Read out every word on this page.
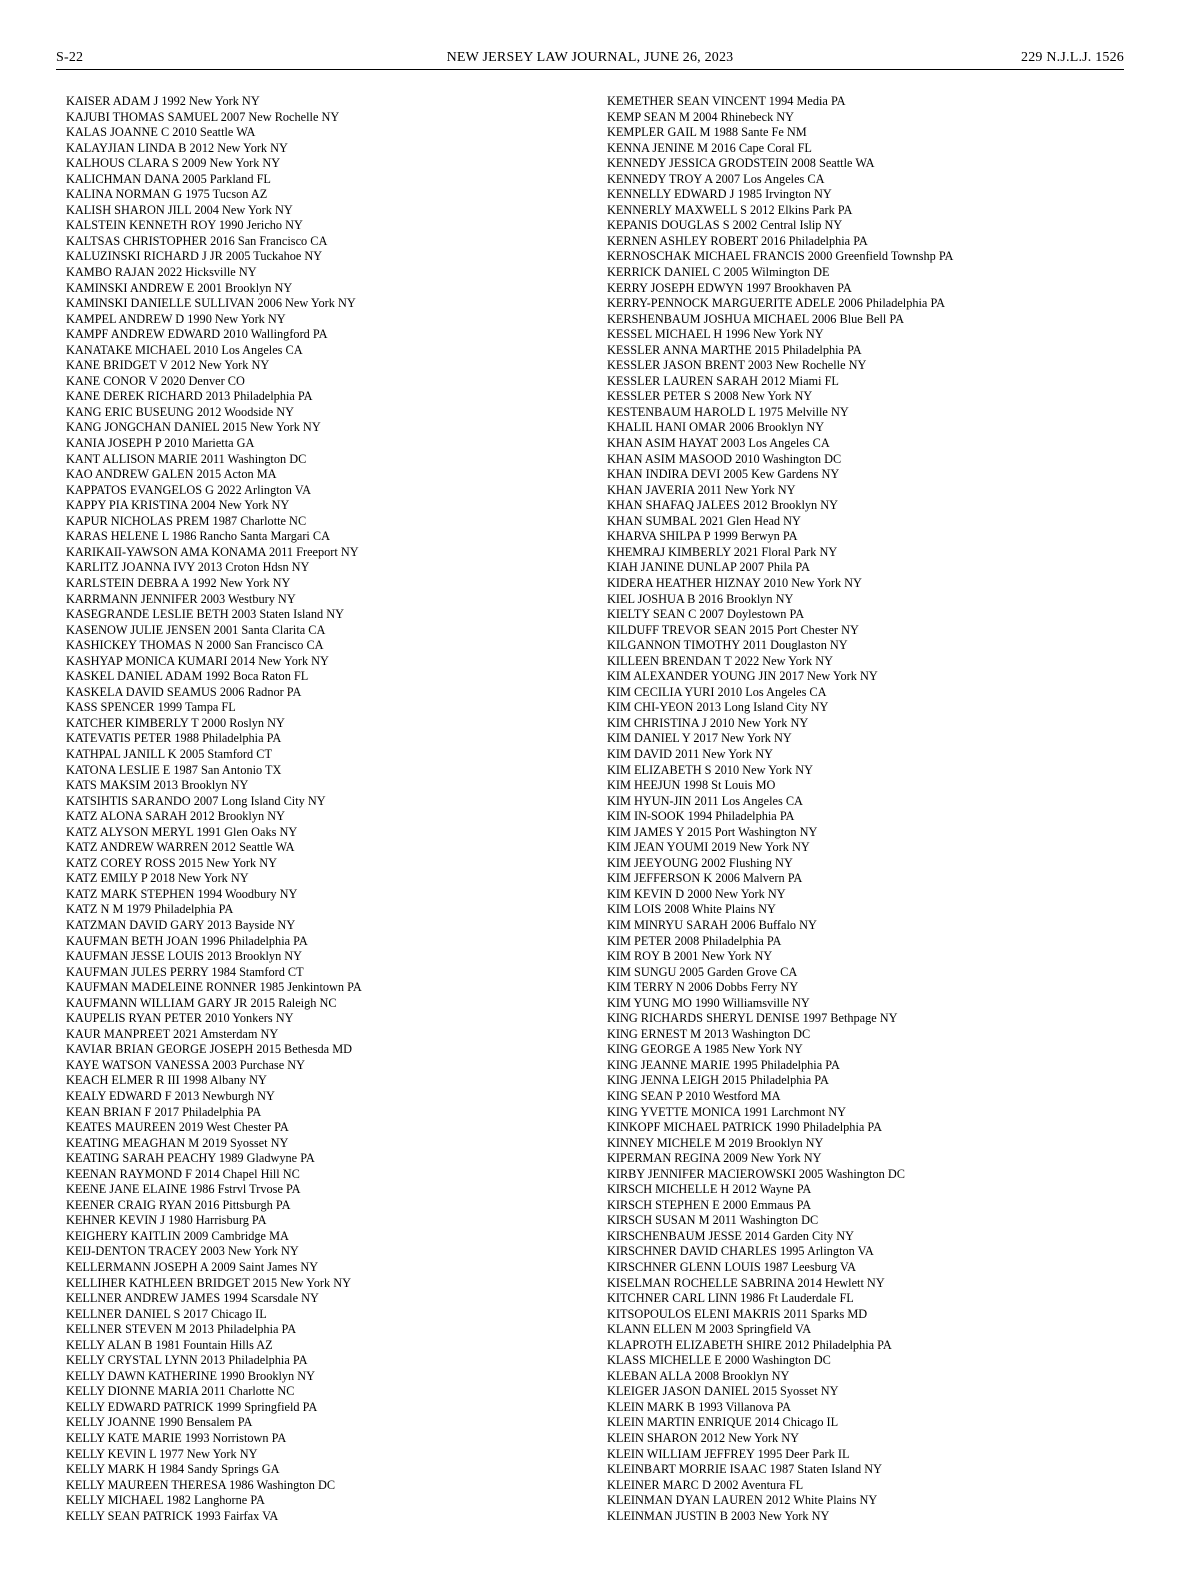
S-22	NEW JERSEY LAW JOURNAL, JUNE 26, 2023	229 N.J.L.J. 1526
KAISER ADAM J 1992 New York NY
KAJUBI THOMAS SAMUEL 2007 New Rochelle NY
KALAS JOANNE C 2010 Seattle WA
KALAYJIAN LINDA B 2012 New York NY
KALHOUS CLARA S 2009 New York NY
KALICHMAN DANA 2005 Parkland FL
KALINA NORMAN G 1975 Tucson AZ
KALISH SHARON JILL 2004 New York NY
KALSTEIN KENNETH ROY 1990 Jericho NY
KALTSAS CHRISTOPHER 2016 San Francisco CA
KALUZINSKI RICHARD J JR 2005 Tuckahoe NY
KAMBO RAJAN 2022 Hicksville NY
KAMINSKI ANDREW E 2001 Brooklyn NY
KAMINSKI DANIELLE SULLIVAN 2006 New York NY
KAMPEL ANDREW D 1990 New York NY
KAMPF ANDREW EDWARD 2010 Wallingford PA
KANATAKE MICHAEL 2010 Los Angeles CA
KANE BRIDGET V 2012 New York NY
KANE CONOR V 2020 Denver CO
KANE DEREK RICHARD 2013 Philadelphia PA
KANG ERIC BUSEUNG 2012 Woodside NY
KANG JONGCHAN DANIEL 2015 New York NY
KANIA JOSEPH P 2010 Marietta GA
KANT ALLISON MARIE 2011 Washington DC
KAO ANDREW GALEN 2015 Acton MA
KAPPATOS EVANGELOS G 2022 Arlington VA
KAPPY PIA KRISTINA 2004 New York NY
KAPUR NICHOLAS PREM 1987 Charlotte NC
KARAS HELENE L 1986 Rancho Santa Margari CA
KARIKAII-YAWSON AMA KONAMA 2011 Freeport NY
KARLITZ JOANNA IVY 2013 Croton Hdsn NY
KARLSTEIN DEBRA A 1992 New York NY
KARRMANN JENNIFER 2003 Westbury NY
KASEGRANDE LESLIE BETH 2003 Staten Island NY
KASENOW JULIE JENSEN 2001 Santa Clarita CA
KASHICKEY THOMAS N 2000 San Francisco CA
KASHYAP MONICA KUMARI 2014 New York NY
KASKEL DANIEL ADAM 1992 Boca Raton FL
KASKELA DAVID SEAMUS 2006 Radnor PA
KASS SPENCER 1999 Tampa FL
KATCHER KIMBERLY T 2000 Roslyn NY
KATEVATIS PETER 1988 Philadelphia PA
KATHPAL JANILL K 2005 Stamford CT
KATONA LESLIE E 1987 San Antonio TX
KATS MAKSIM 2013 Brooklyn NY
KATSIHTIS SARANDO 2007 Long Island City NY
KATZ ALONA SARAH 2012 Brooklyn NY
KATZ ALYSON MERYL 1991 Glen Oaks NY
KATZ ANDREW WARREN 2012 Seattle WA
KATZ COREY ROSS 2015 New York NY
KATZ EMILY P 2018 New York NY
KATZ MARK STEPHEN 1994 Woodbury NY
KATZ N M 1979 Philadelphia PA
KATZMAN DAVID GARY 2013 Bayside NY
KAUFMAN BETH JOAN 1996 Philadelphia PA
KAUFMAN JESSE LOUIS 2013 Brooklyn NY
KAUFMAN JULES PERRY 1984 Stamford CT
KAUFMAN MADELEINE RONNER 1985 Jenkintown PA
KAUFMANN WILLIAM GARY JR 2015 Raleigh NC
KAUPELIS RYAN PETER 2010 Yonkers NY
KAUR MANPREET 2021 Amsterdam NY
KAVIAR BRIAN GEORGE JOSEPH 2015 Bethesda MD
KAYE WATSON VANESSA 2003 Purchase NY
KEACH ELMER R III 1998 Albany NY
KEALY EDWARD F 2013 Newburgh NY
KEAN BRIAN F 2017 Philadelphia PA
KEATES MAUREEN 2019 West Chester PA
KEATING MEAGHAN M 2019 Syosset NY
KEATING SARAH PEACHY 1989 Gladwyne PA
KEENAN RAYMOND F 2014 Chapel Hill NC
KEENE JANE ELAINE 1986 Fstrvl Trvose PA
KEENER CRAIG RYAN 2016 Pittsburgh PA
KEHNER KEVIN J 1980 Harrisburg PA
KEIGHERY KAITLIN 2009 Cambridge MA
KEIJ-DENTON TRACEY 2003 New York NY
KELLERMANN JOSEPH A 2009 Saint James NY
KELLIHER KATHLEEN BRIDGET 2015 New York NY
KELLNER ANDREW JAMES 1994 Scarsdale NY
KELLNER DANIEL S 2017 Chicago IL
KELLNER STEVEN M 2013 Philadelphia PA
KELLY ALAN B 1981 Fountain Hills AZ
KELLY CRYSTAL LYNN 2013 Philadelphia PA
KELLY DAWN KATHERINE 1990 Brooklyn NY
KELLY DIONNE MARIA 2011 Charlotte NC
KELLY EDWARD PATRICK 1999 Springfield PA
KELLY JOANNE 1990 Bensalem PA
KELLY KATE MARIE 1993 Norristown PA
KELLY KEVIN L 1977 New York NY
KELLY MARK H 1984 Sandy Springs GA
KELLY MAUREEN THERESA 1986 Washington DC
KELLY MICHAEL 1982 Langhorne PA
KELLY SEAN PATRICK 1993 Fairfax VA
KEMETHER SEAN VINCENT 1994 Media PA
KEMP SEAN M 2004 Rhinebeck NY
KEMPLER GAIL M 1988 Sante Fe NM
KENNA JENINE M 2016 Cape Coral FL
KENNEDY JESSICA GRODSTEIN 2008 Seattle WA
KENNEDY TROY A 2007 Los Angeles CA
KENNELLY EDWARD J 1985 Irvington NY
KENNERLY MAXWELL S 2012 Elkins Park PA
KEPANIS DOUGLAS S 2002 Central Islip NY
KERNEN ASHLEY ROBERT 2016 Philadelphia PA
KERNOSCHAK MICHAEL FRANCIS 2000 Greenfield Townshp PA
KERRICK DANIEL C 2005 Wilmington DE
KERRY JOSEPH EDWYN 1997 Brookhaven PA
KERRY-PENNOCK MARGUERITE ADELE 2006 Philadelphia PA
KERSHENBAUM JOSHUA MICHAEL 2006 Blue Bell PA
KESSEL MICHAEL H 1996 New York NY
KESSLER ANNA MARTHE 2015 Philadelphia PA
KESSLER JASON BRENT 2003 New Rochelle NY
KESSLER LAUREN SARAH 2012 Miami FL
KESSLER PETER S 2008 New York NY
KESTENBAUM HAROLD L 1975 Melville NY
KHALIL HANI OMAR 2006 Brooklyn NY
KHAN ASIM HAYAT 2003 Los Angeles CA
KHAN ASIM MASOOD 2010 Washington DC
KHAN INDIRA DEVI 2005 Kew Gardens NY
KHAN JAVERIA 2011 New York NY
KHAN SHAFAQ JALEES 2012 Brooklyn NY
KHAN SUMBAL 2021 Glen Head NY
KHARVA SHILPA P 1999 Berwyn PA
KHEMRAJ KIMBERLY 2021 Floral Park NY
KIAH JANINE DUNLAP 2007 Phila PA
KIDERA HEATHER HIZNAY 2010 New York NY
KIEL JOSHUA B 2016 Brooklyn NY
KIELTY SEAN C 2007 Doylestown PA
KILDUFF TREVOR SEAN 2015 Port Chester NY
KILGANNON TIMOTHY 2011 Douglaston NY
KILLEEN BRENDAN T 2022 New York NY
KIM ALEXANDER YOUNG JIN 2017 New York NY
KIM CECILIA YURI 2010 Los Angeles CA
KIM CHI-YEON 2013 Long Island City NY
KIM CHRISTINA J 2010 New York NY
KIM DANIEL Y 2017 New York NY
KIM DAVID 2011 New York NY
KIM ELIZABETH S 2010 New York NY
KIM HEEJUN 1998 St Louis MO
KIM HYUN-JIN 2011 Los Angeles CA
KIM IN-SOOK 1994 Philadelphia PA
KIM JAMES Y 2015 Port Washington NY
KIM JEAN YOUMI 2019 New York NY
KIM JEEYOUNG 2002 Flushing NY
KIM JEFFERSON K 2006 Malvern PA
KIM KEVIN D 2000 New York NY
KIM LOIS 2008 White Plains NY
KIM MINRYU SARAH 2006 Buffalo NY
KIM PETER 2008 Philadelphia PA
KIM ROY B 2001 New York NY
KIM SUNGU 2005 Garden Grove CA
KIM TERRY N 2006 Dobbs Ferry NY
KIM YUNG MO 1990 Williamsville NY
KING RICHARDS SHERYL DENISE 1997 Bethpage NY
KING ERNEST M 2013 Washington DC
KING GEORGE A 1985 New York NY
KING JEANNE MARIE 1995 Philadelphia PA
KING JENNA LEIGH 2015 Philadelphia PA
KING SEAN P 2010 Westford MA
KING YVETTE MONICA 1991 Larchmont NY
KINKOPF MICHAEL PATRICK 1990 Philadelphia PA
KINNEY MICHELE M 2019 Brooklyn NY
KIPERMAN REGINA 2009 New York NY
KIRBY JENNIFER MACIEROWSKI 2005 Washington DC
KIRSCH MICHELLE H 2012 Wayne PA
KIRSCH STEPHEN E 2000 Emmaus PA
KIRSCH SUSAN M 2011 Washington DC
KIRSCHENBAUM JESSE 2014 Garden City NY
KIRSCHNER DAVID CHARLES 1995 Arlington VA
KIRSCHNER GLENN LOUIS 1987 Leesburg VA
KISELMAN ROCHELLE SABRINA 2014 Hewlett NY
KITCHNER CARL LINN 1986 Ft Lauderdale FL
KITSOPOULOS ELENI MAKRIS 2011 Sparks MD
KLANN ELLEN M 2003 Springfield VA
KLAPROTH ELIZABETH SHIRE 2012 Philadelphia PA
KLASS MICHELLE E 2000 Washington DC
KLEBAN ALLA 2008 Brooklyn NY
KLEIGER JASON DANIEL 2015 Syosset NY
KLEIN MARK B 1993 Villanova PA
KLEIN MARTIN ENRIQUE 2014 Chicago IL
KLEIN SHARON 2012 New York NY
KLEIN WILLIAM JEFFREY 1995 Deer Park IL
KLEINBART MORRIE ISAAC 1987 Staten Island NY
KLEINER MARC D 2002 Aventura FL
KLEINMAN DYAN LAUREN 2012 White Plains NY
KLEINMAN JUSTIN B 2003 New York NY
